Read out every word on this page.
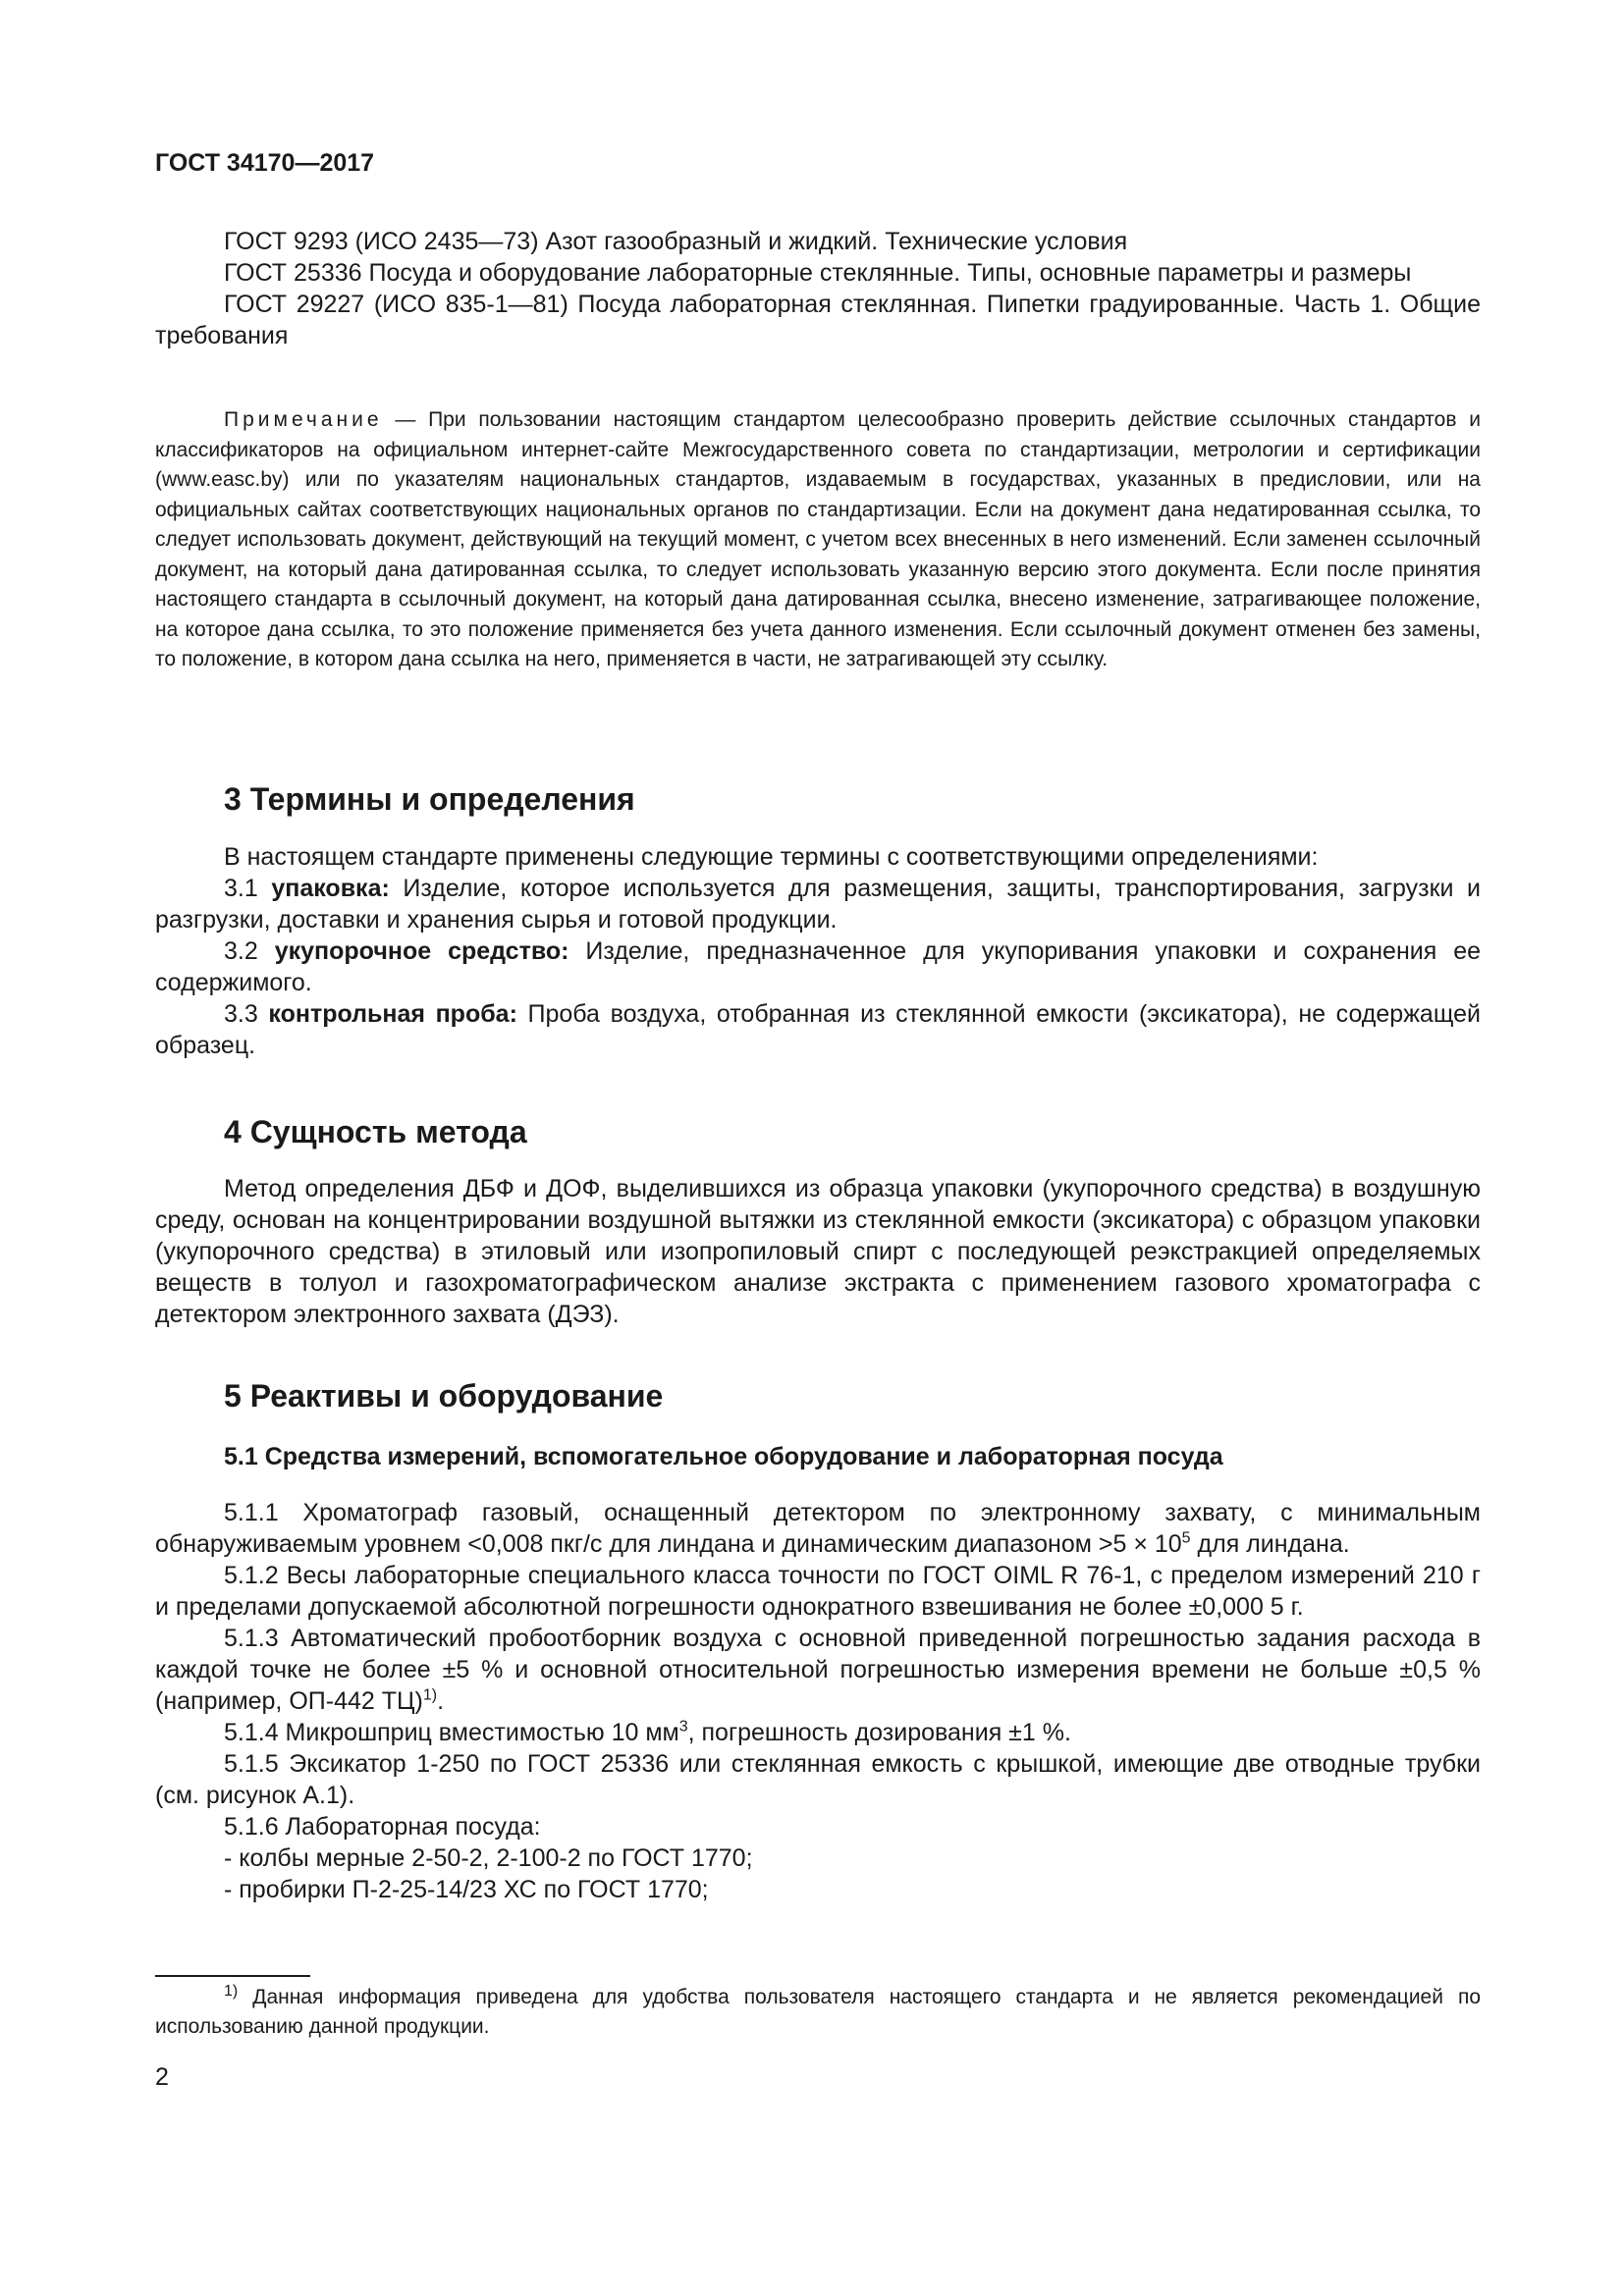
ГОСТ 34170—2017

ГОСТ 9293 (ИСО 2435—73) Азот газообразный и жидкий. Технические условия

ГОСТ 25336 Посуда и оборудование лабораторные стеклянные. Типы, основные параметры и размеры

ГОСТ 29227 (ИСО 835-1—81) Посуда лабораторная стеклянная. Пипетки градуированные. Часть 1. Общие требования

Примечание — При пользовании настоящим стандартом целесообразно проверить действие ссылочных стандартов и классификаторов на официальном интернет-сайте Межгосударственного совета по стандартизации, метрологии и сертификации (www.easc.by) или по указателям национальных стандартов, издаваемым в государствах, указанных в предисловии, или на официальных сайтах соответствующих национальных органов по стандартизации. Если на документ дана недатированная ссылка, то следует использовать документ, действующий на текущий момент, с учетом всех внесенных в него изменений. Если заменен ссылочный документ, на который дана датированная ссылка, то следует использовать указанную версию этого документа. Если после принятия настоящего стандарта в ссылочный документ, на который дана датированная ссылка, внесено изменение, затрагивающее положение, на которое дана ссылка, то это положение применяется без учета данного изменения. Если ссылочный документ отменен без замены, то положение, в котором дана ссылка на него, применяется в части, не затрагивающей эту ссылку.

3 Термины и определения

В настоящем стандарте применены следующие термины с соответствующими определениями:

3.1 упаковка: Изделие, которое используется для размещения, защиты, транспортирования, загрузки и разгрузки, доставки и хранения сырья и готовой продукции.

3.2 укупорочное средство: Изделие, предназначенное для укупоривания упаковки и сохранения ее содержимого.

3.3 контрольная проба: Проба воздуха, отобранная из стеклянной емкости (эксикатора), не содержащей образец.

4 Сущность метода

Метод определения ДБФ и ДОФ, выделившихся из образца упаковки (укупорочного средства) в воздушную среду, основан на концентрировании воздушной вытяжки из стеклянной емкости (эксикатора) с образцом упаковки (укупорочного средства) в этиловый или изопропиловый спирт с последующей реэкстракцией определяемых веществ в толуол и газохроматографическом анализе экстракта с применением газового хроматографа с детектором электронного захвата (ДЭЗ).

5 Реактивы и оборудование
5.1 Средства измерений, вспомогательное оборудование и лабораторная посуда

5.1.1 Хроматограф газовый, оснащенный детектором по электронному захвату, с минимальным обнаруживаемым уровнем <0,008 пкг/с для линдана и динамическим диапазоном $>5 \times 10^5$ для линдана.

5.1.2 Весы лабораторные специального класса точности по ГОСТ OIML R 76-1, с пределом измерений 210 г и пределами допускаемой абсолютной погрешности однократного взвешивания не более ±0,000 5 г.

5.1.3 Автоматический пробоотборник воздуха с основной приведенной погрешностью задания расхода в каждой точке не более ±5 % и основной относительной погрешностью измерения времени не больше ±0,5 % (например, ОП-442 ТЦ)$^{1)}$.

5.1.4 Микрошприц вместимостью 10 $мм^3$, погрешность дозирования ±1 %.

5.1.5 Эксикатор 1-250 по ГОСТ 25336 или стеклянная емкость с крышкой, имеющие две отводные трубки (см. рисунок А.1).

5.1.6 Лабораторная посуда:

- колбы мерные 2-50-2, 2-100-2 по ГОСТ 1770;

- пробирки П-2-25-14/23 ХС по ГОСТ 1770;

$^{1)}$ Данная информация приведена для удобства пользователя настоящего стандарта и не является рекомендацией по использованию данной продукции.

2
